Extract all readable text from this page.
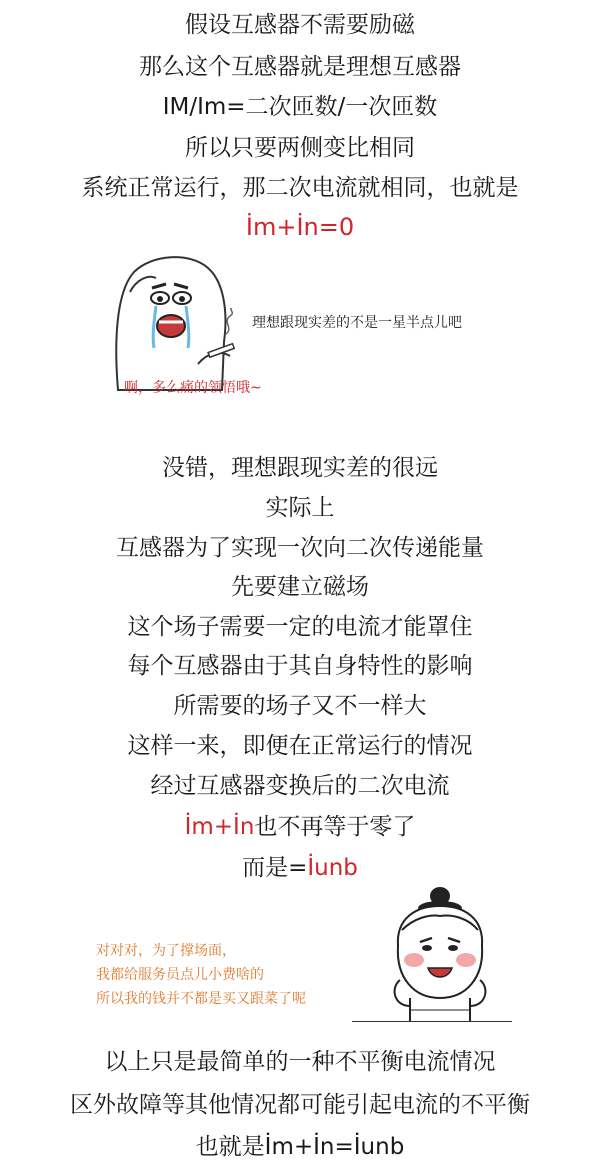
假设互感器不需要励磁
那么这个互感器就是理想互感器
IM/Im=二次匝数/一次匝数
所以只要两侧变比相同
系统正常运行，那二次电流就相同，也就是
İm+İn=0
理想跟现实差的不是一星半点儿吧
啊，多么痛的领悟哦~
没错，理想跟现实差的很远
实际上
互感器为了实现一次向二次传递能量
先要建立磁场
这个场子需要一定的电流才能罩住
每个互感器由于其自身特性的影响
所需要的场子又不一样大
这样一来，即便在正常运行的情况
经过互感器变换后的二次电流
İm+İn也不再等于零了
而是=İunb
对对对，为了撑场面，
我都给服务员点儿小费啥的
所以我的钱并不都是买又跟菜了呢
以上只是最简单的一种不平衡电流情况
区外故障等其他情况都可能引起电流的不平衡
也就是İm+İn=İunb
